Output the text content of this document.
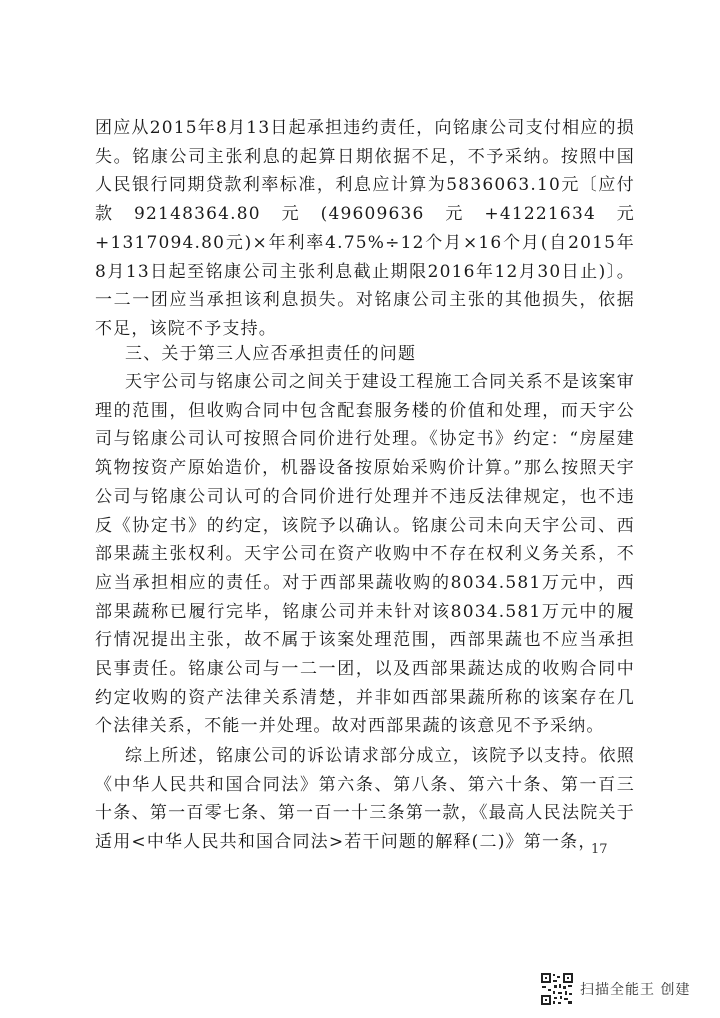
团应从2015年8月13日起承担违约责任，向铭康公司支付相应的损失。铭康公司主张利息的起算日期依据不足，不予采纳。按照中国人民银行同期贷款利率标准，利息应计算为5836063.10元〔应付款92148364.80元(49609636元+41221634元+1317094.80元)×年利率4.75%÷12个月×16个月(自2015年8月13日起至铭康公司主张利息截止期限2016年12月30日止)〕。一二一团应当承担该利息损失。对铭康公司主张的其他损失，依据不足，该院不予支持。

三、关于第三人应否承担责任的问题

天宇公司与铭康公司之间关于建设工程施工合同关系不是该案审理的范围，但收购合同中包含配套服务楼的价值和处理，而天宇公司与铭康公司认可按照合同价进行处理。《协定书》约定：“房屋建筑物按资产原始造价，机器设备按原始采购价计算。”那么按照天宇公司与铭康公司认可的合同价进行处理并不违反法律规定，也不违反《协定书》的约定，该院予以确认。铭康公司未向天宇公司、西部果蔬主张权利。天宇公司在资产收购中不存在权利义务关系，不应当承担相应的责任。对于西部果蔬收购的8034.581万元中，西部果蔬称已履行完毕，铭康公司并未针对该8034.581万元中的履行情况提出主张，故不属于该案处理范围，西部果蔬也不应当承担民事责任。铭康公司与一二一团，以及西部果蔬达成的收购合同中约定收购的资产法律关系清楚，并非如西部果蔬所称的该案存在几个法律关系，不能一并处理。故对西部果蔬的该意见不予采纳。

综上所述，铭康公司的诉讼请求部分成立，该院予以支持。依照《中华人民共和国合同法》第六条、第八条、第六十条、第一百三十条、第一百零七条、第一百一十三条第一款，《最高人民法院关于适用<中华人民共和国合同法>若干问题的解释(二)》第一条，

17
扫描全能王 创建
